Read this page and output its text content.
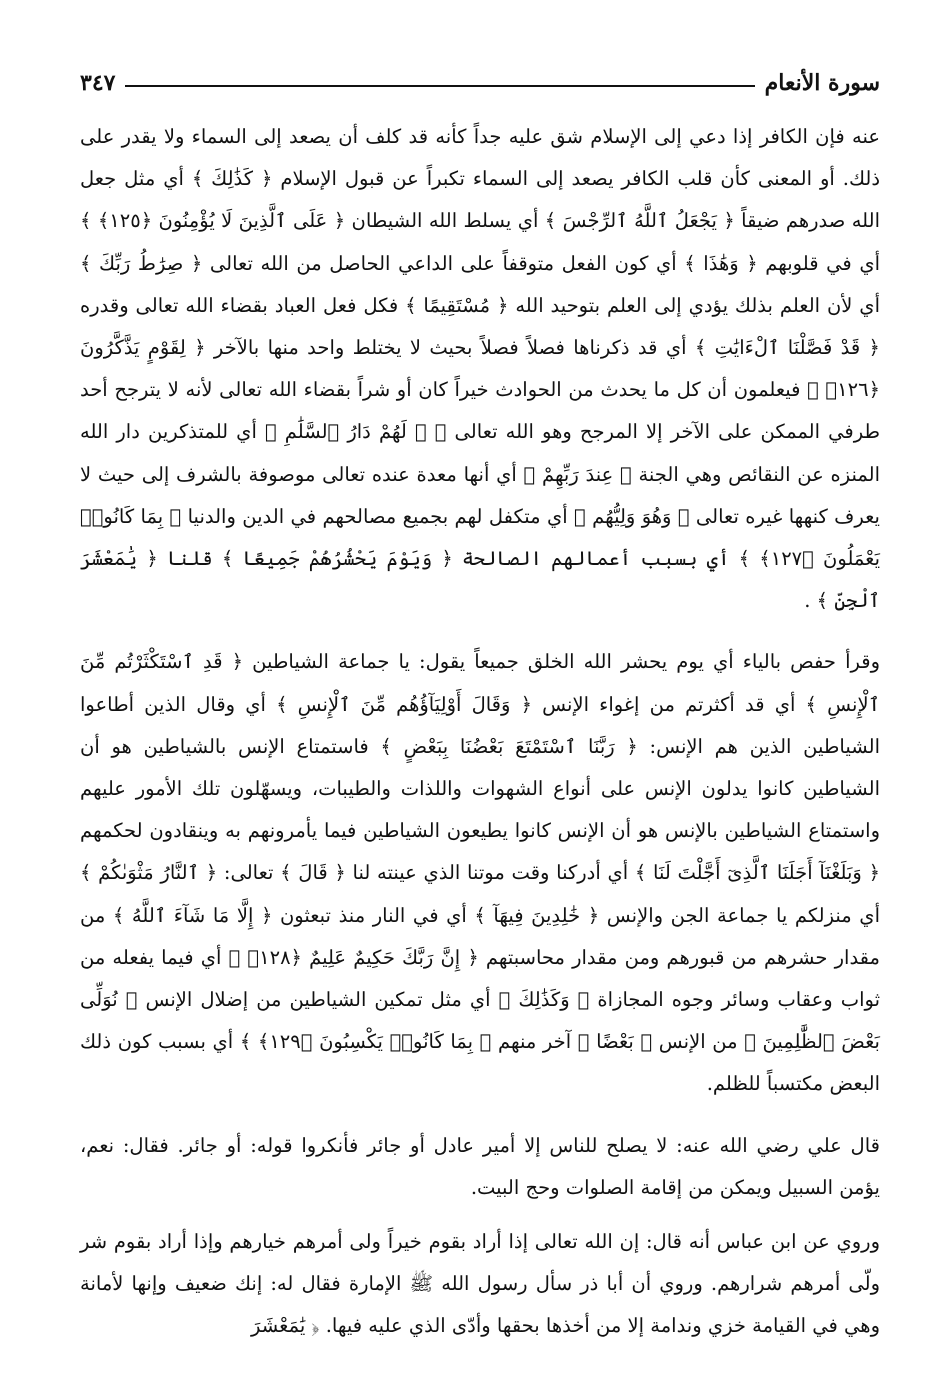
سورة الأنعام
٣٤٧

عنه فإن الكافر إذا دعي إلى الإسلام شق عليه جداً كأنه قد كلف أن يصعد إلى السماء ولا يقدر على ذلك. أو المعنى كأن قلب الكافر يصعد إلى السماء تكبراً عن قبول الإسلام ﴿ كَذَٰلِكَ ﴾ أي مثل جعل الله صدرهم ضيقاً ﴿ يَجْعَلُ ٱللَّهُ ٱلرِّجْسَ ﴾ أي يسلط الله الشيطان ﴿ عَلَى ٱلَّذِينَ لَا يُؤْمِنُونَ ﴿١٢٥﴾ ﴾ أي في قلوبهم ﴿ وَهَٰذَا ﴾ أي كون الفعل متوقفاً على الداعي الحاصل من الله تعالى ﴿ صِرَٰطُ رَبِّكَ ﴾ أي لأن العلم بذلك يؤدي إلى العلم بتوحيد الله ﴿ مُسْتَقِيمًا ﴾ فكل فعل العباد بقضاء الله تعالى وقدره ﴿ قَدْ فَصَّلْنَا ٱلْءَايَٰتِ ﴾ أي قد ذكرناها فصلاً فصلاً بحيث لا يختلط واحد منها بالآخر ﴿ لِقَوْمٍ يَذَّكَّرُونَ ﴿١٢٦﴾ ﴾ فيعلمون أن كل ما يحدث من الحوادث خيراً كان أو شراً بقضاء الله تعالى لأنه لا يترجح أحد طرفي الممكن على الآخر إلا المرجح وهو الله تعالى ﴿ ۞ لَهُمْ دَارُ ٱلسَّلَٰمِ ﴾ أي للمتذكرين دار الله المنزه عن النقائص وهي الجنة ﴿ عِندَ رَبِّهِمْ ﴾ أي أنها معدة عنده تعالى موصوفة بالشرف إلى حيث لا يعرف كنهها غيره تعالى ﴿ وَهُوَ وَلِيُّهُم ﴾ أي متكفل لهم بجميع مصالحهم في الدين والدنيا ﴿ بِمَا كَانُوا۟ يَعْمَلُونَ ﴿١٢٧﴾ ﴾ أي بسبب أعمالهم الصالحة ﴿ وَيَوْمَ يَحْشُرُهُمْ جَمِيعًا ﴾ قلنا ﴿ يَٰمَعْشَرَ ٱلْجِنِّ ﴾ .

وقرأ حفص بالياء أي يوم يحشر الله الخلق جميعاً يقول: يا جماعة الشياطين ﴿ قَدِ ٱسْتَكْثَرْتُم مِّنَ ٱلْإِنسِ ﴾ أي قد أكثرتم من إغواء الإنس ﴿ وَقَالَ أَوْلِيَآؤُهُم مِّنَ ٱلْإِنسِ ﴾ أي وقال الذين أطاعوا الشياطين الذين هم الإنس: ﴿ رَبَّنَا ٱسْتَمْتَعَ بَعْضُنَا بِبَعْضٍ ﴾ فاستمتاع الإنس بالشياطين هو أن الشياطين كانوا يدلون الإنس على أنواع الشهوات واللذات والطيبات، ويسهّلون تلك الأمور عليهم واستمتاع الشياطين بالإنس هو أن الإنس كانوا يطيعون الشياطين فيما يأمرونهم به وينقادون لحكمهم ﴿ وَبَلَغْنَآ أَجَلَنَا ٱلَّذِىٓ أَجَّلْتَ لَنَا ﴾ أي أدركنا وقت موتنا الذي عينته لنا ﴿ قَالَ ﴾ تعالى: ﴿ ٱلنَّارُ مَثْوَىٰكُمْ ﴾ أي منزلكم يا جماعة الجن والإنس ﴿ خَٰلِدِينَ فِيهَآ ﴾ أي في النار منذ تبعثون ﴿ إِلَّا مَا شَآءَ ٱللَّهُ ﴾ من مقدار حشرهم من قبورهم ومن مقدار محاسبتهم ﴿ إِنَّ رَبَّكَ حَكِيمٌ عَلِيمٌ ﴿١٢٨﴾ ﴾ أي فيما يفعله من ثواب وعقاب وسائر وجوه المجازاة ﴿ وَكَذَٰلِكَ ﴾ أي مثل تمكين الشياطين من إضلال الإنس ﴿ نُوَلِّى بَعْضَ ٱلظَّٰلِمِينَ ﴾ من الإنس ﴿ بَعْضًا ﴾ آخر منهم ﴿ بِمَا كَانُوا۟ يَكْسِبُونَ ﴿١٢٩﴾ ﴾ أي بسبب كون ذلك البعض مكتسباً للظلم.

قال علي رضي الله عنه: لا يصلح للناس إلا أمير عادل أو جائر فأنكروا قوله: أو جائر. فقال: نعم، يؤمن السبيل ويمكن من إقامة الصلوات وحج البيت.

وروي عن ابن عباس أنه قال: إن الله تعالى إذا أراد بقوم خيراً ولى أمرهم خيارهم وإذا أراد بقوم شر ولّى أمرهم شرارهم. وروي أن أبا ذر سأل رسول الله ﷺ الإمارة فقال له: إنك ضعيف وإنها لأمانة وهي في القيامة خزي وندامة إلا من أخذها بحقها وأدّى الذي عليه فيها. ﴿ يَٰمَعْشَرَ
